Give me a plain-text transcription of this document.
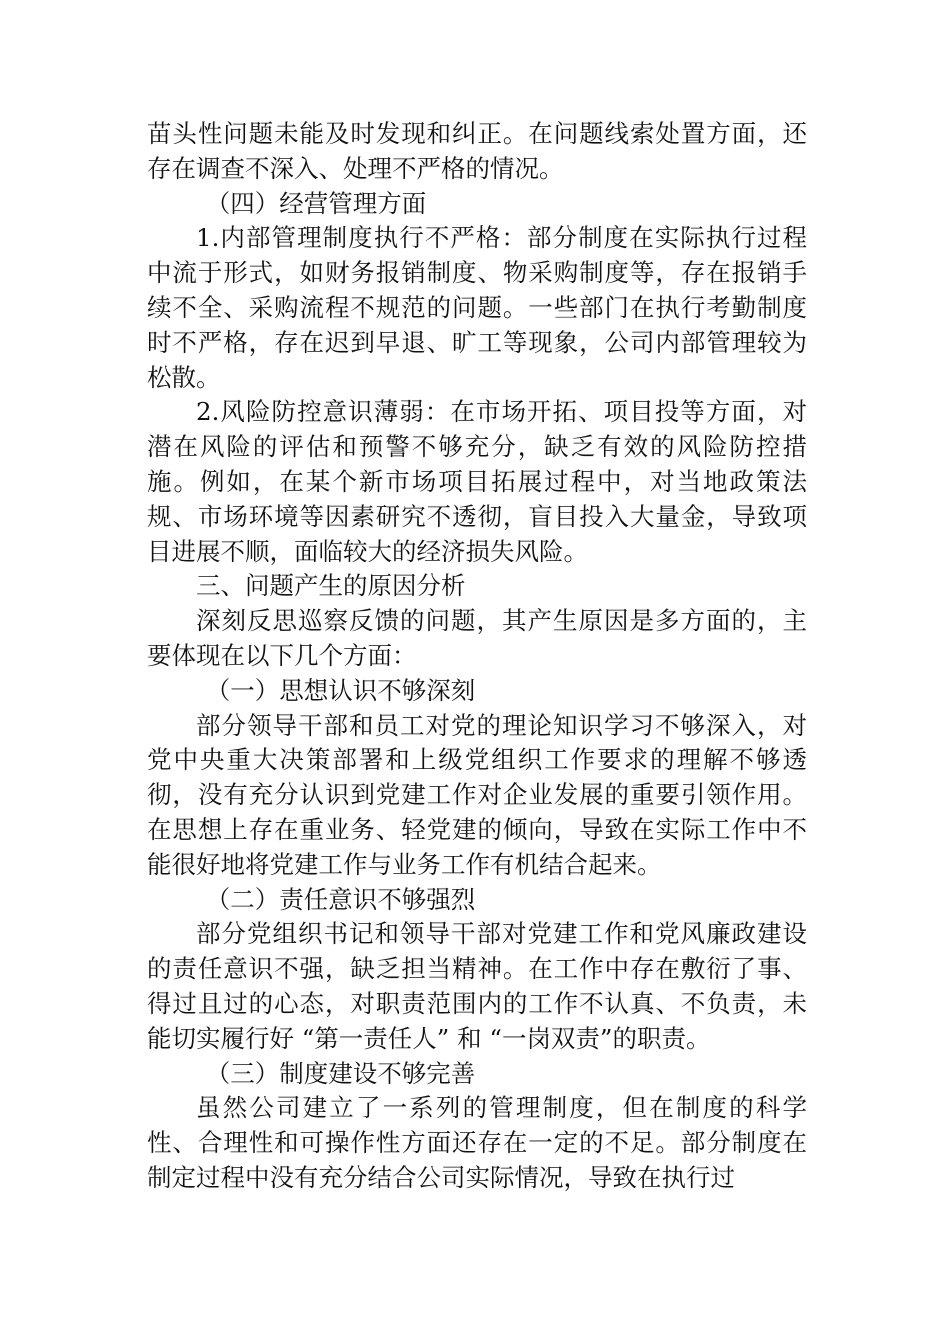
苗头性问题未能及时发现和纠正。在问题线索处置方面，还存在调查不深入、处理不严格的情况。

（四）经营管理方面

1.内部管理制度执行不严格：部分制度在实际执行过程中流于形式，如财务报销制度、物采购制度等，存在报销手续不全、采购流程不规范的问题。一些部门在执行考勤制度时不严格，存在迟到早退、旷工等现象，公司内部管理较为松散。

2.风险防控意识薄弱：在市场开拓、项目投等方面，对潜在风险的评估和预警不够充分，缺乏有效的风险防控措施。例如，在某个新市场项目拓展过程中，对当地政策法规、市场环境等因素研究不透彻，盲目投入大量金，导致项目进展不顺，面临较大的经济损失风险。

三、问题产生的原因分析

深刻反思巡察反馈的问题，其产生原因是多方面的，主要体现在以下几个方面：

（一）思想认识不够深刻

部分领导干部和员工对党的理论知识学习不够深入，对党中央重大决策部署和上级党组织工作要求的理解不够透彻，没有充分认识到党建工作对企业发展的重要引领作用。在思想上存在重业务、轻党建的倾向，导致在实际工作中不能很好地将党建工作与业务工作有机结合起来。

（二）责任意识不够强烈

部分党组织书记和领导干部对党建工作和党风廉政建设的责任意识不强，缺乏担当精神。在工作中存在敷衍了事、得过且过的心态，对职责范围内的工作不认真、不负责，未能切实履行好 “第一责任人” 和 “一岗双责”的职责。

（三）制度建设不够完善

虽然公司建立了一系列的管理制度，但在制度的科学性、合理性和可操作性方面还存在一定的不足。部分制度在制定过程中没有充分结合公司实际情况，导致在执行过
